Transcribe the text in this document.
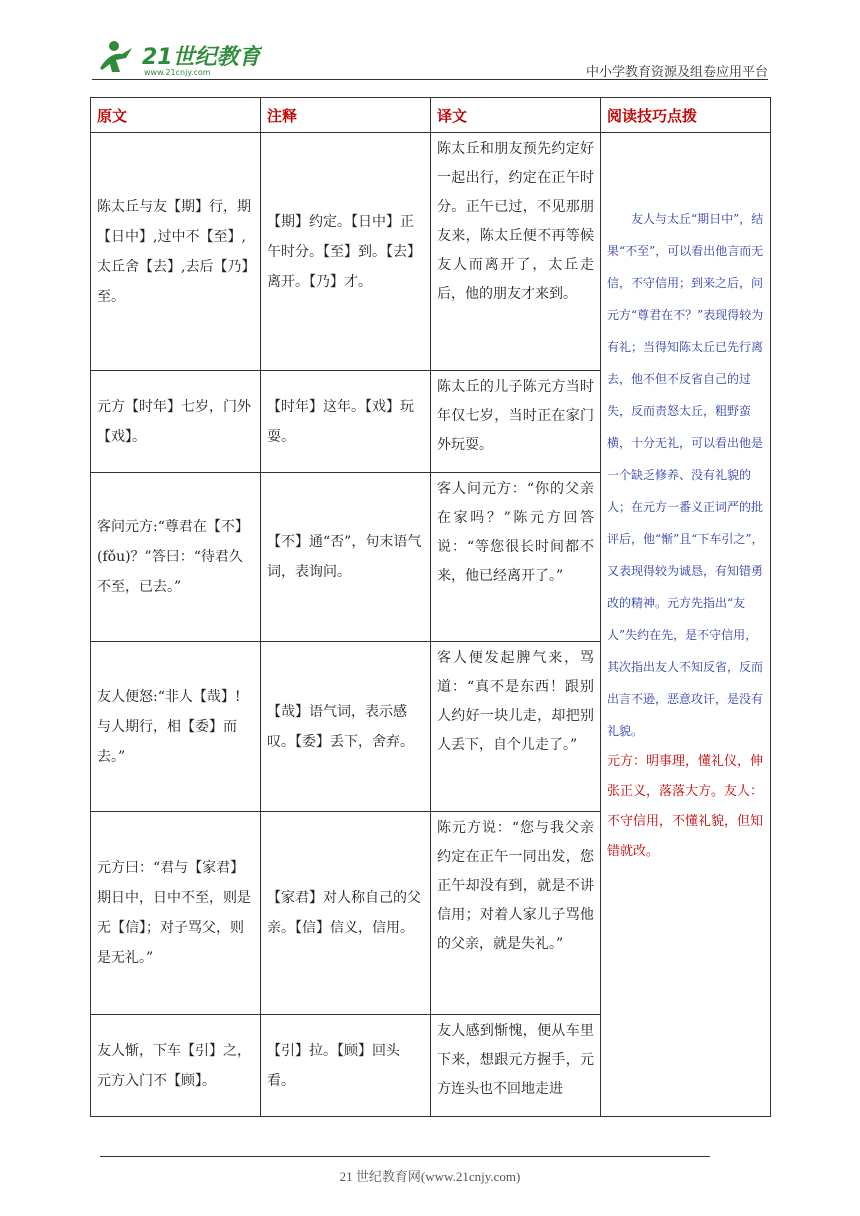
21世纪教育
www.21cnjy.com	中小学教育资源及组卷应用平台
原文	注释	译文	阅读技巧点拨
陈太丘与友【期】行，期【日中】,过中不【至】,太丘舍【去】,去后【乃】至。	【期】约定。【日中】正午时分。【至】到。【去】离开。【乃】才。	陈太丘和朋友预先约定好一起出行，约定在正午时分。正午已过，不见那朋友来，陈太丘便不再等候友人而离开了，太丘走后，他的朋友才来到。	友人与太丘“期日中”，结果“不至”，可以看出他言而无信，不守信用；到来之后，问元方“尊君在不？”表现得较为有礼；当得知陈太丘已先行离去，他不但不反省自己的过失，反而责怒太丘，粗野蛮横，十分无礼，可以看出他是一个缺乏修养、没有礼貌的人；在元方一番义正词严的批评后，他“惭”且“下车引之”，又表现得较为诚恳，有知错勇改的精神。元方先指出“友人”失约在先，是不守信用，其次指出友人不知反省，反而出言不逊，恶意攻讦，是没有礼貌。
元方：明事理，懂礼仪，伸张正义，落落大方。友人：不守信用，不懂礼貌，但知错就改。

元方【时年】七岁，门外【戏】。	【时年】这年。【戏】玩耍。	陈太丘的儿子陈元方当时年仅七岁，当时正在家门外玩耍。	
客问元方:“尊君在【不】(fǒu)？”答曰：“待君久不至，已去。”	【不】通“否”，句末语气词，表询问。	客人问元方：“你的父亲在家吗？”陈元方回答说：“等您很长时间都不来，他已经离开了。”	
友人便怒:“非人【哉】!与人期行，相【委】而去。”	【哉】语气词，表示感叹。【委】丢下，舍弃。	客人便发起脾气来，骂道：“真不是东西！跟别人约好一块儿走，却把别人丢下，自个儿走了。”	
元方曰：“君与【家君】期日中，日中不至，则是无【信】；对子骂父，则是无礼。”	【家君】对人称自己的父亲。【信】信义，信用。	陈元方说：“您与我父亲约定在正午一同出发，您正午却没有到，就是不讲信用；对着人家儿子骂他的父亲，就是失礼。”	
友人惭，下车【引】之，元方入门不【顾】。	【引】拉。【顾】回头看。	友人感到惭愧，便从车里下来，想跟元方握手，元方连头也不回地走进	
21 世纪教育网(www.21cnjy.com)
